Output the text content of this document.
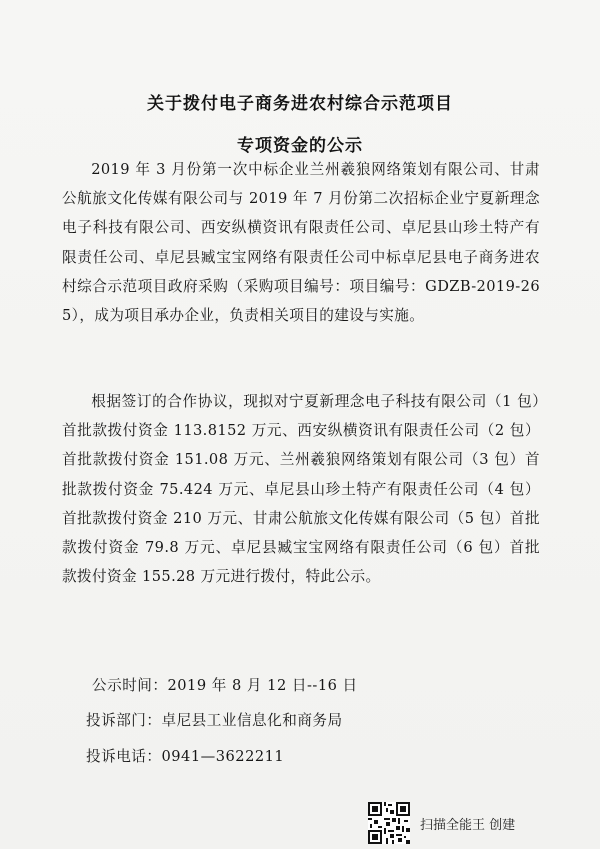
关于拨付电子商务进农村综合示范项目
专项资金的公示

2019 年 3 月份第一次中标企业兰州羲狼网络策划有限公司、甘肃公航旅文化传媒有限公司与 2019 年 7 月份第二次招标企业宁夏新理念电子科技有限公司、西安纵横资讯有限责任公司、卓尼县山珍土特产有限责任公司、卓尼县臧宝宝网络有限责任公司中标卓尼县电子商务进农村综合示范项目政府采购（采购项目编号：项目编号：GDZB-2019-265），成为项目承办企业，负责相关项目的建设与实施。

根据签订的合作协议，现拟对宁夏新理念电子科技有限公司（1 包）首批款拨付资金 113.8152 万元、西安纵横资讯有限责任公司（2 包）首批款拨付资金 151.08 万元、兰州羲狼网络策划有限公司（3 包）首批款拨付资金 75.424 万元、卓尼县山珍土特产有限责任公司（4 包）首批款拨付资金 210 万元、甘肃公航旅文化传媒有限公司（5 包）首批款拨付资金 79.8 万元、卓尼县臧宝宝网络有限责任公司（6 包）首批款拨付资金 155.28 万元进行拨付，特此公示。

公示时间：2019 年 8 月 12 日--16 日
投诉部门：卓尼县工业信息化和商务局
投诉电话：0941—3622211
扫描全能王 创建
